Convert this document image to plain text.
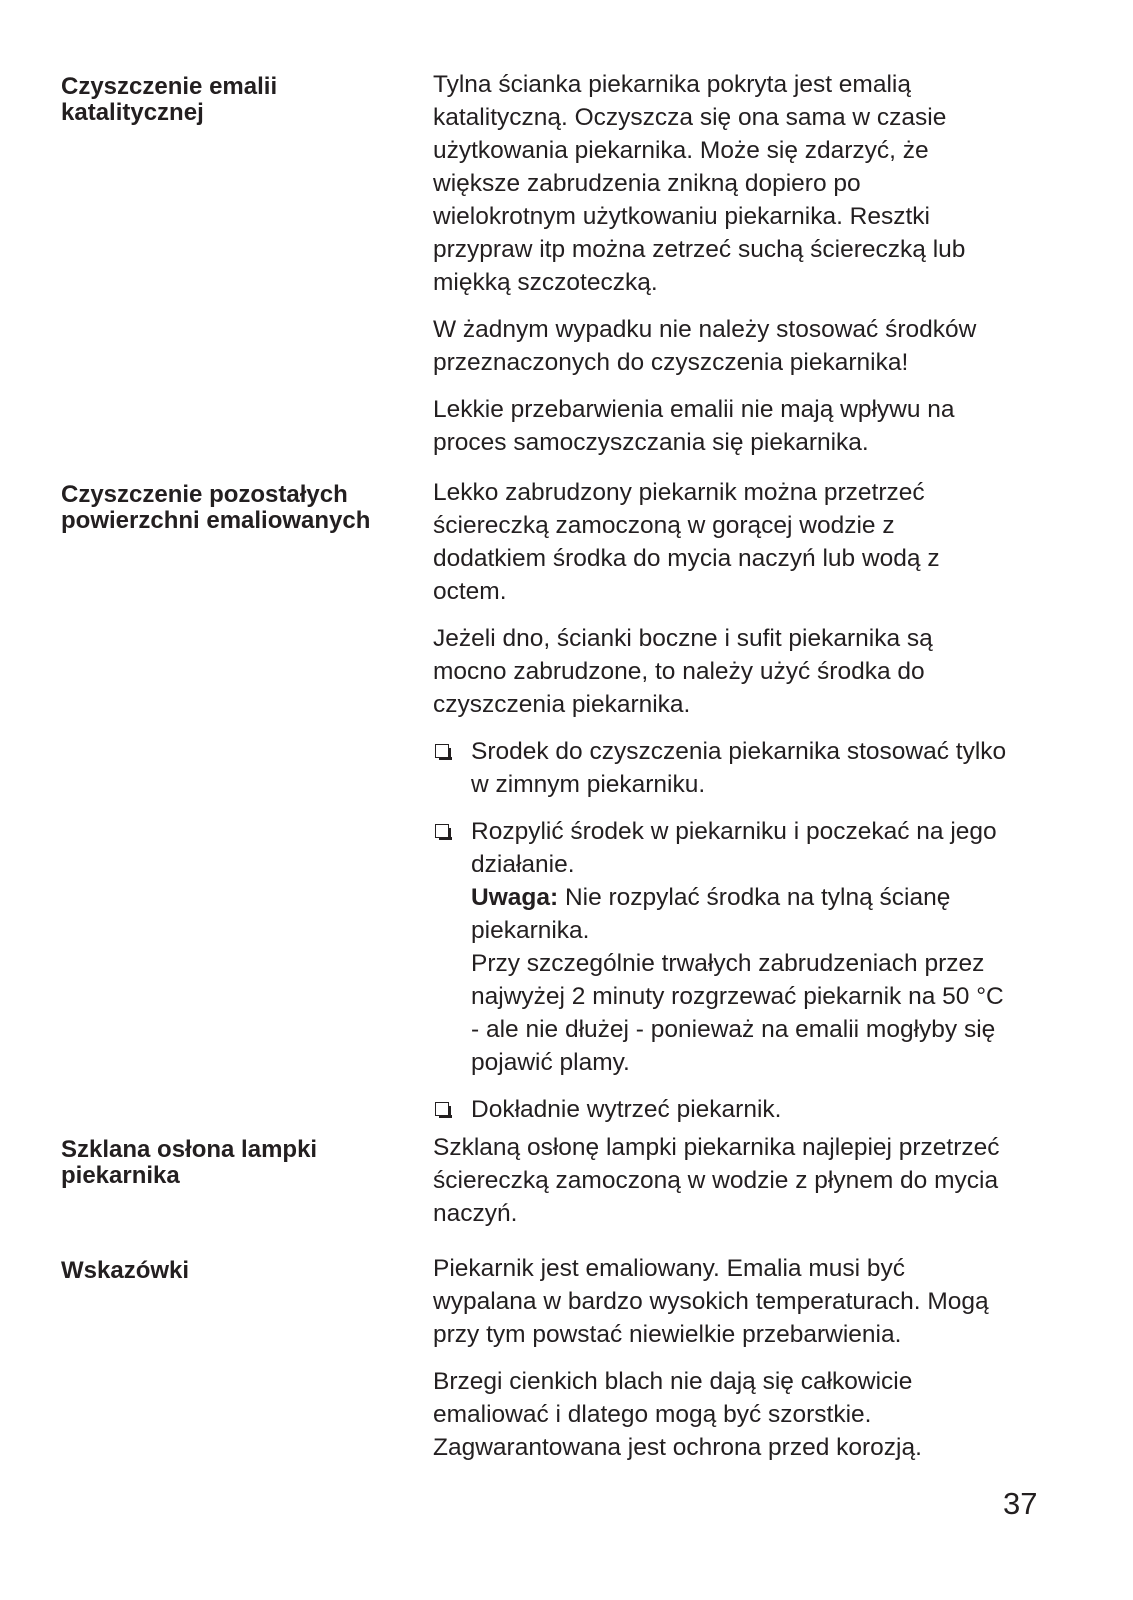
Czyszczenie emalii
katalitycznej

Tylna ścianka piekarnika pokryta jest emalią
katalityczną. Oczyszcza się ona sama w czasie
użytkowania piekarnika. Może się zdarzyć, że
większe zabrudzenia znikną dopiero po
wielokrotnym użytkowaniu piekarnika. Resztki
przypraw itp można zetrzeć suchą ściereczką lub
miękką szczoteczką.

W żadnym wypadku nie należy stosować środków
przeznaczonych do czyszczenia piekarnika!

Lekkie przebarwienia emalii nie mają wpływu na
proces samoczyszczania się piekarnika.

Czyszczenie pozostałych
powierzchni emaliowanych

Lekko zabrudzony piekarnik można przetrzeć
ściereczką zamoczoną w gorącej wodzie z
dodatkiem środka do mycia naczyń lub wodą z
octem.

Jeżeli dno, ścianki boczne i sufit piekarnika są
mocno zabrudzone, to należy użyć środka do
czyszczenia piekarnika.

Srodek do czyszczenia piekarnika stosować tylko
w zimnym piekarniku.
Rozpylić środek w piekarniku i poczekać na jego
działanie.
Uwaga: Nie rozpylać środka na tylną ścianę
piekarnika.
Przy szczególnie trwałych zabrudzeniach przez
najwyżej 2 minuty rozgrzewać piekarnik na 50 °C
- ale nie dłużej - ponieważ na emalii mogłyby się
pojawić plamy.
Dokładnie wytrzeć piekarnik.
Szklana osłona lampki
piekarnika

Szklaną osłonę lampki piekarnika najlepiej przetrzeć
ściereczką zamoczoną w wodzie z płynem do mycia
naczyń.

Wskazówki	Piekarnik jest emaliowany. Emalia musi być
wypalana w bardzo wysokich temperaturach. Mogą
przy tym powstać niewielkie przebarwienia.

Brzegi cienkich blach nie dają się całkowicie
emaliować i dlatego mogą być szorstkie.
Zagwarantowana jest ochrona przed korozją.

37
